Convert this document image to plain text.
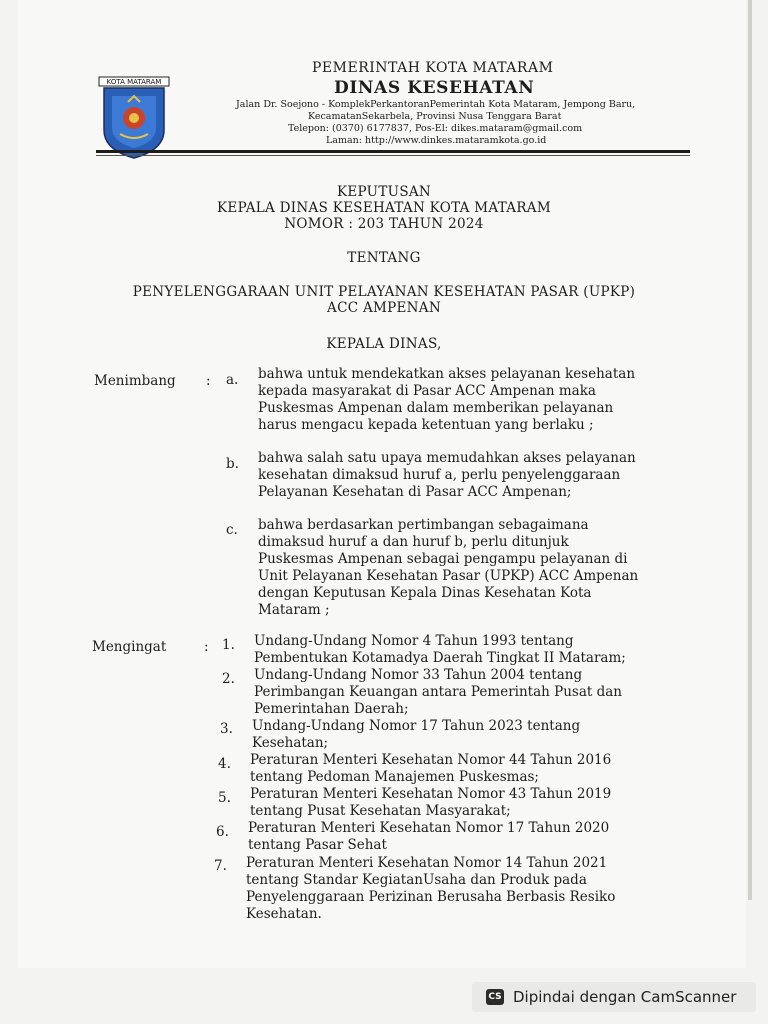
KOTA MATARAM
PEMERINTAH KOTA MATARAM
DINAS KESEHATAN
Jalan Dr. Soejono - KomplekPerkantoranPemerintah Kota Mataram, Jempong Baru,
KecamatanSekarbela, Provinsi Nusa Tenggara Barat
Telepon: (0370) 6177837, Pos-El: dikes.mataram@gmail.com
Laman: http://www.dinkes.mataramkota.go.id
KEPUTUSAN
KEPALA DINAS KESEHATAN KOTA MATARAM
NOMOR : 203 TAHUN 2024
TENTANG
PENYELENGGARAAN UNIT PELAYANAN KESEHATAN PASAR (UPKP)
ACC AMPENAN
KEPALA DINAS,
Menimbang : a. bahwa untuk mendekatkan akses pelayanan kesehatan
kepada masyarakat di Pasar ACC Ampenan maka
Puskesmas Ampenan dalam memberikan pelayanan
harus mengacu kepada ketentuan yang berlaku ;
b. bahwa salah satu upaya memudahkan akses pelayanan
kesehatan dimaksud huruf a, perlu penyelenggaraan
Pelayanan Kesehatan di Pasar ACC Ampenan;
c. bahwa berdasarkan pertimbangan sebagaimana
dimaksud huruf a dan huruf b, perlu ditunjuk
Puskesmas Ampenan sebagai pengampu pelayanan di
Unit Pelayanan Kesehatan Pasar (UPKP) ACC Ampenan
dengan Keputusan Kepala Dinas Kesehatan Kota
Mataram ;
Mengingat	: 1. Undang-Undang Nomor 4 Tahun 1993 tentang
Pembentukan Kotamadya Daerah Tingkat II Mataram;
2. Undang-Undang Nomor 33 Tahun 2004 tentang
Perimbangan Keuangan antara Pemerintah Pusat dan
Pemerintahan Daerah;
3. Undang-Undang Nomor 17 Tahun 2023 tentang
Kesehatan;
4. Peraturan Menteri Kesehatan Nomor 44 Tahun 2016
tentang Pedoman Manajemen Puskesmas;
5. Peraturan Menteri Kesehatan Nomor 43 Tahun 2019
tentang Pusat Kesehatan Masyarakat;
6. Peraturan Menteri Kesehatan Nomor 17 Tahun 2020
tentang Pasar Sehat
7. Peraturan Menteri Kesehatan Nomor 14 Tahun 2021
tentang Standar KegiatanUsaha dan Produk pada
Penyelenggaraan Perizinan Berusaha Berbasis Resiko
Kesehatan.
CS Dipindai dengan CamScanner
